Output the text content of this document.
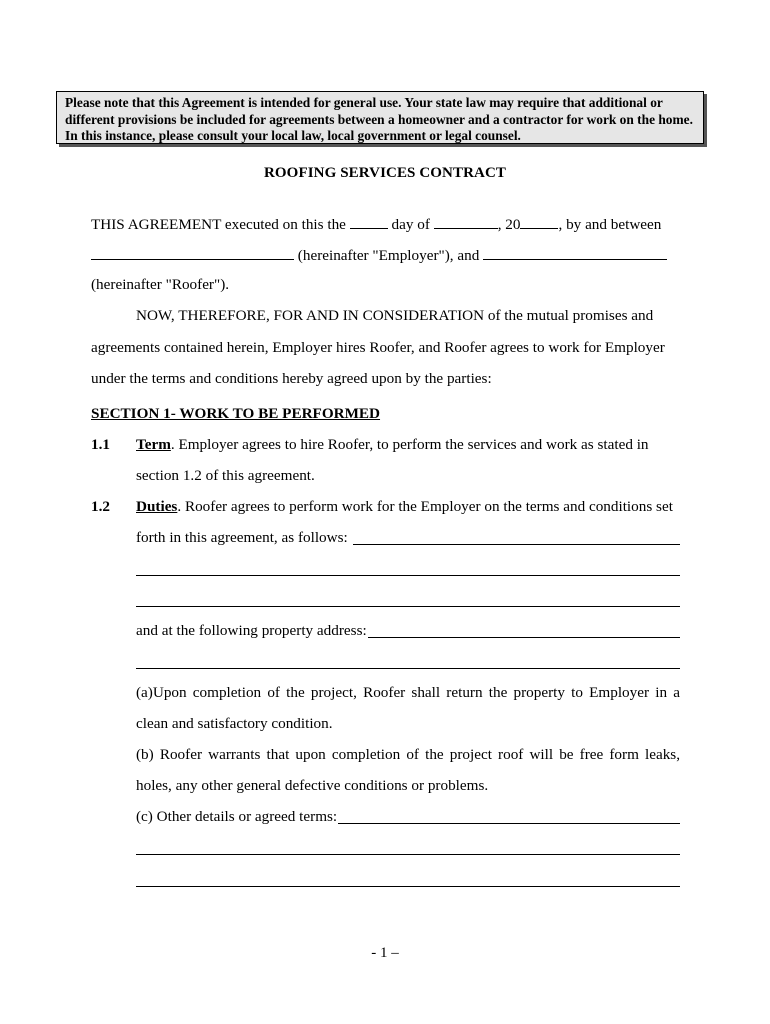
Please note that this Agreement is intended for general use. Your state law may require that additional or different provisions be included for agreements between a homeowner and a contractor for work on the home. In this instance, please consult your local law, local government or legal counsel.
ROOFING SERVICES CONTRACT
THIS AGREEMENT executed on this the	day of	, 20	, by and between
(hereinafter "Employer"), and
(hereinafter "Roofer").
NOW, THEREFORE, FOR AND IN CONSIDERATION of the mutual promises and
agreements contained herein, Employer hires Roofer, and Roofer agrees to work for Employer
under the terms and conditions hereby agreed upon by the parties:
SECTION 1- WORK TO BE PERFORMED
1.1 Term. Employer agrees to hire Roofer, to perform the services and work as stated in
section 1.2 of this agreement.
1.2 Duties. Roofer agrees to perform work for the Employer on the terms and conditions set
forth in this agreement, as follows:
and at the following property address:
(a)Upon completion of the project, Roofer shall return the property to Employer in a
clean and satisfactory condition.
(b) Roofer warrants that upon completion of the project roof will be free form leaks,
holes, any other general defective conditions or problems.
(c) Other details or agreed terms:
- 1 –
